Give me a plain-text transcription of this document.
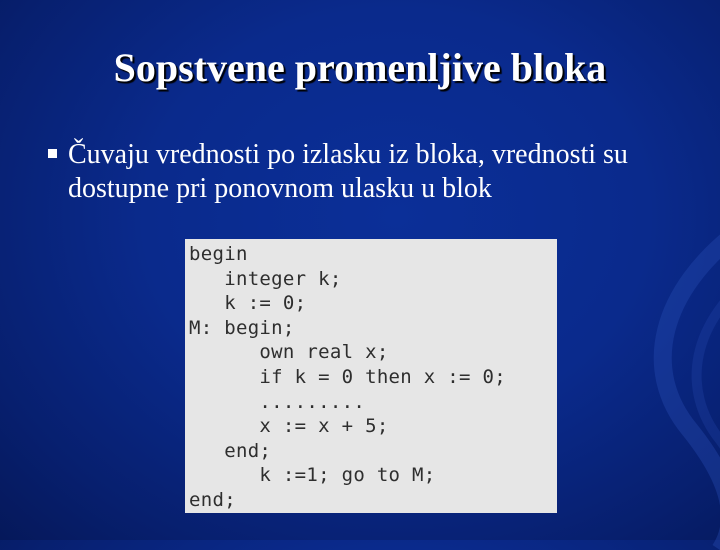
Sopstvene promenljive bloka
Čuvaju vrednosti po izlasku iz bloka, vrednosti su dostupne pri ponovnom ulasku u blok
begin
integer k;
k := 0;
M: begin;
own real x;
if k = 0 then x := 0;
.........
x := x + 5;
end;
k :=1; go to M;
end;
